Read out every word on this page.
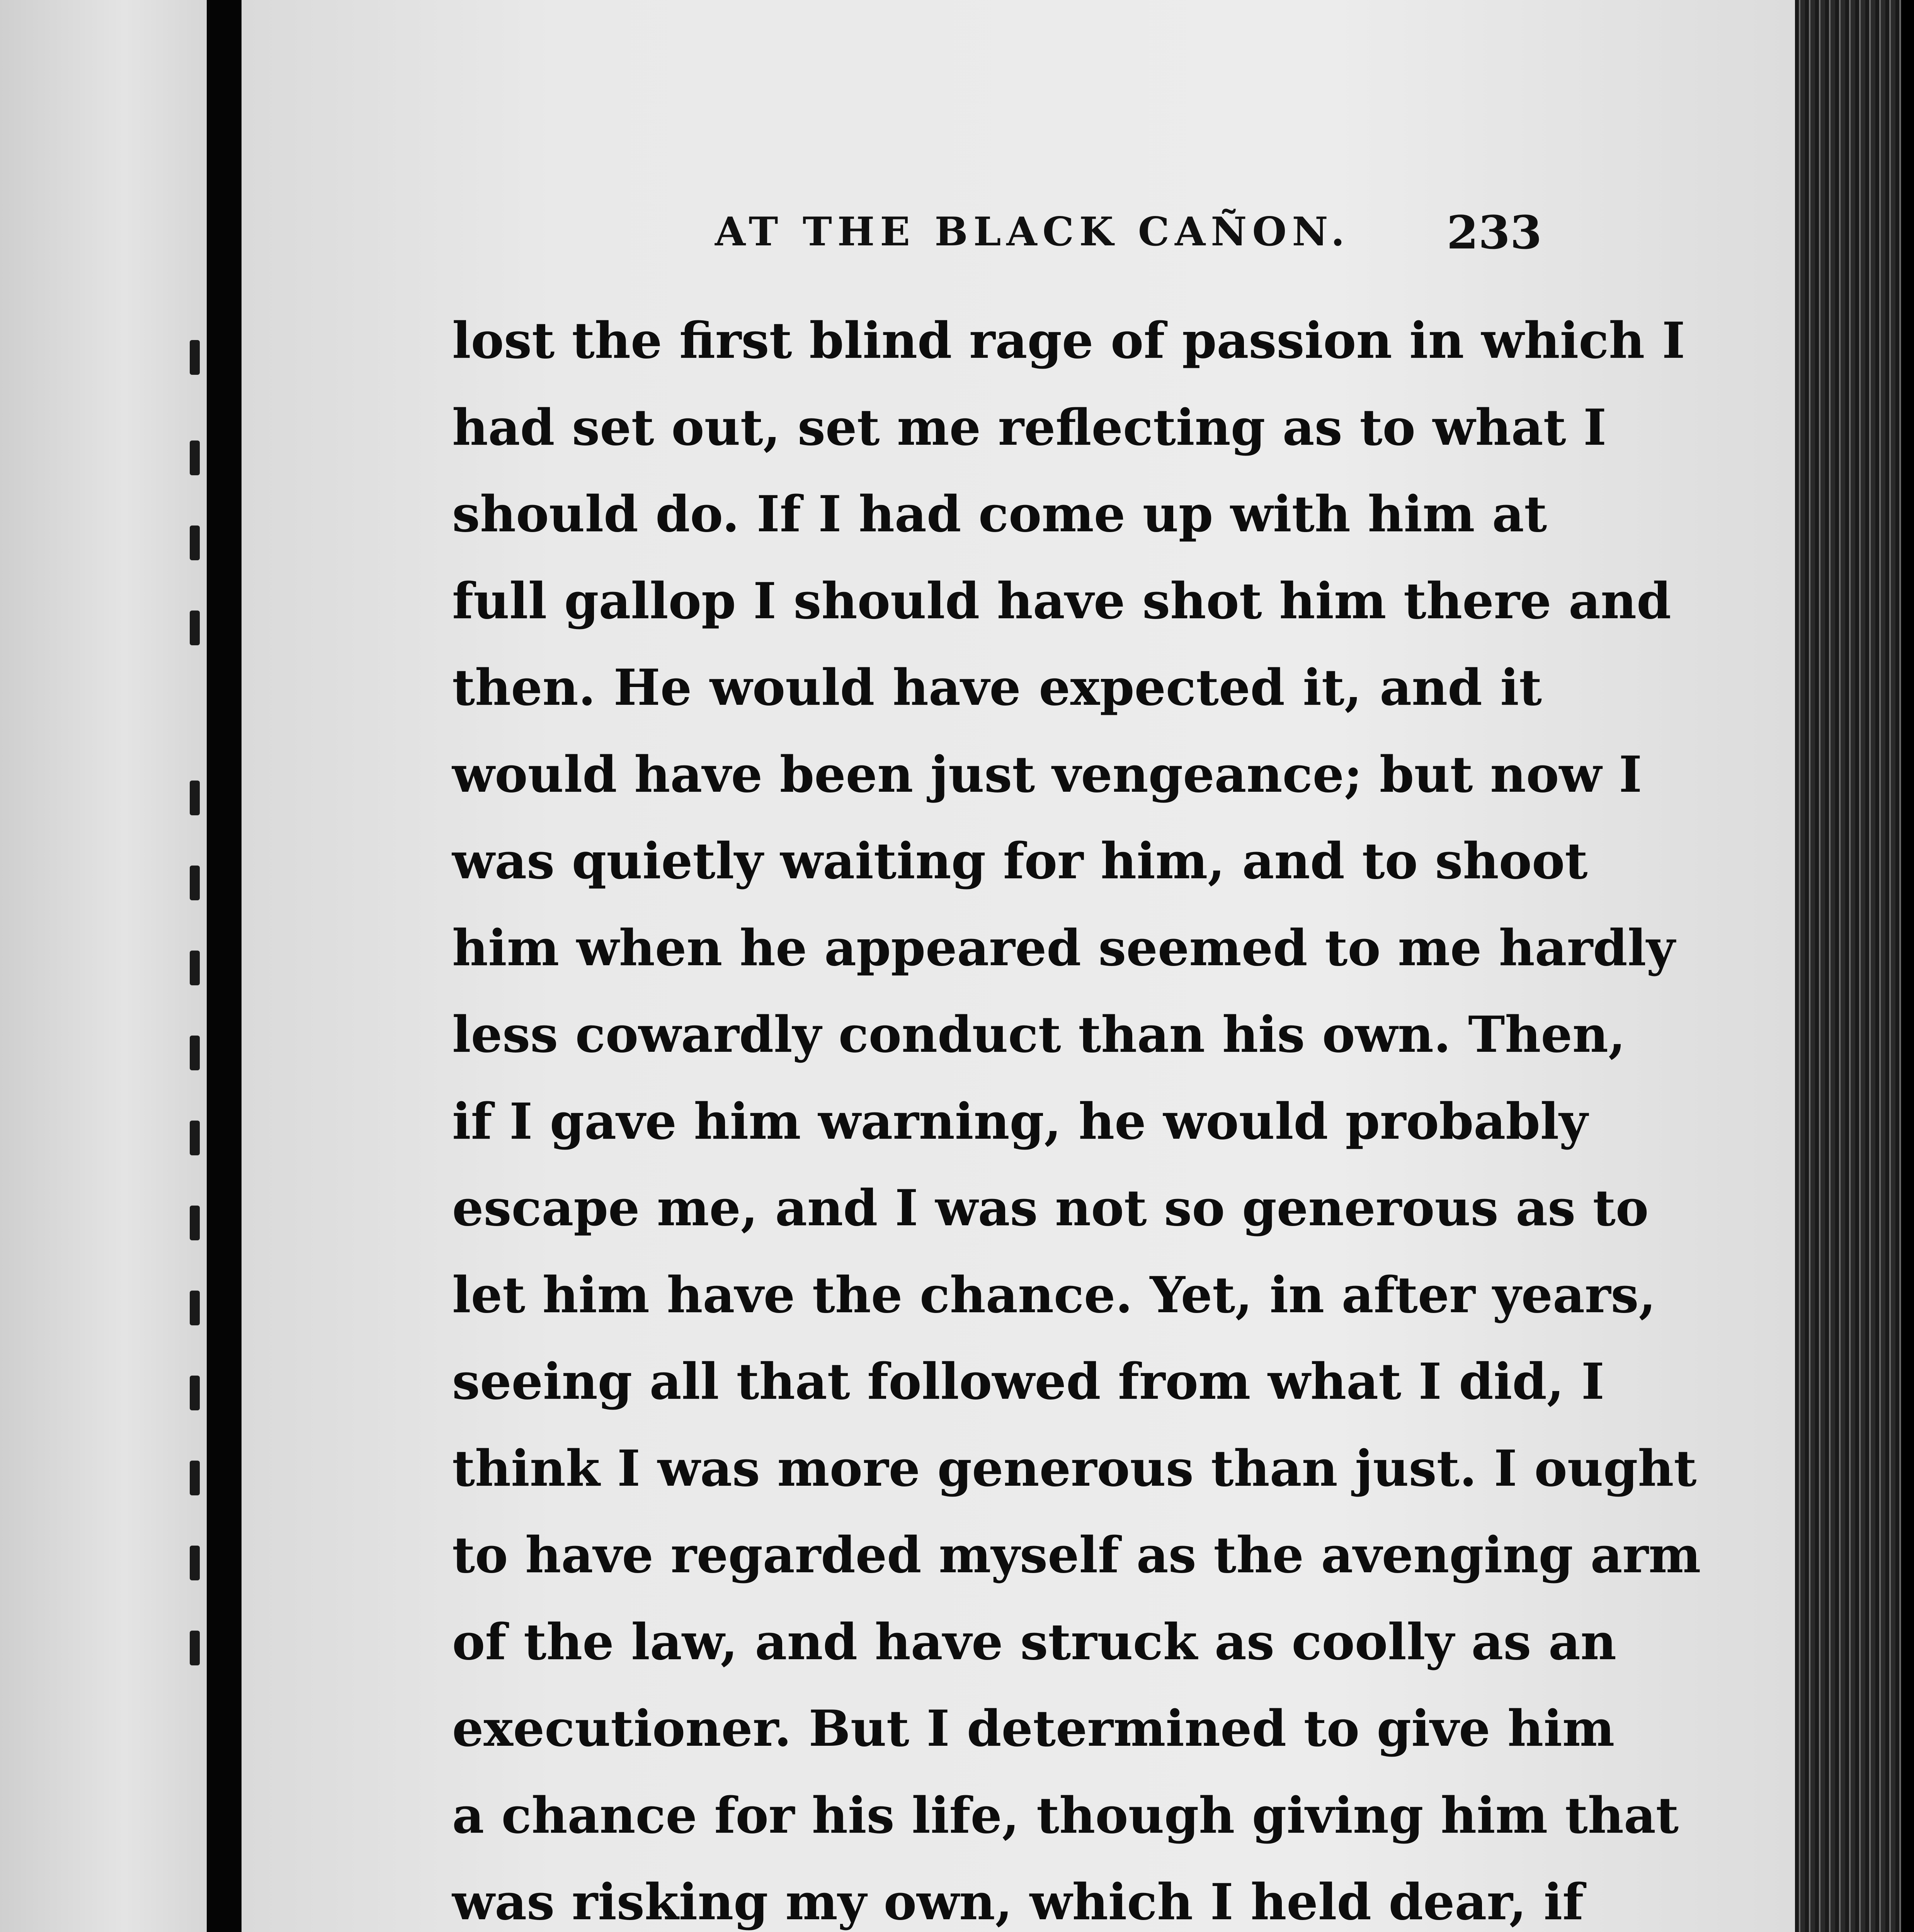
AT THE BLACK CAÑON. 233
lost the first blind rage of passion in which I
had set out, set me reflecting as to what I
should do. If I had come up with him at
full gallop I should have shot him there and
then. He would have expected it, and it
would have been just vengeance; but now I
was quietly waiting for him, and to shoot
him when he appeared seemed to me hardly
less cowardly conduct than his own. Then,
if I gave him warning, he would probably
escape me, and I was not so generous as to
let him have the chance. Yet, in after years,
seeing all that followed from what I did, I
think I was more generous than just. I ought
to have regarded myself as the avenging arm
of the law, and have struck as coolly as an
executioner. But I determined to give him
a chance for his life, though giving him that
was risking my own, which I held dear, if
